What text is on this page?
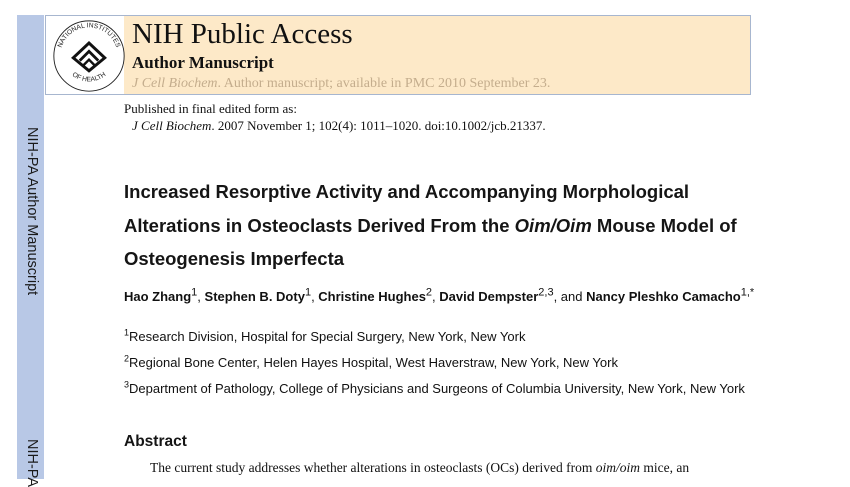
NIH-PA Author Manuscript
NIH-PA
NATIONAL INSTITUTES
OF HEALTH
NIH Public Access
Author Manuscript
J Cell Biochem. Author manuscript; available in PMC 2010 September 23.
Published in final edited form as:
J Cell Biochem. 2007 November 1; 102(4): 1011–1020. doi:10.1002/jcb.21337.
Increased Resorptive Activity and Accompanying Morphological Alterations in Osteoclasts Derived From the Oim/Oim Mouse Model of Osteogenesis Imperfecta
Hao Zhang$^1$, Stephen B. Doty$^1$, Christine Hughes$^2$, David Dempster$^{2,3}$, and Nancy Pleshko Camacho$^{1,*}$
$^1$Research Division, Hospital for Special Surgery, New York, New York
$^2$Regional Bone Center, Helen Hayes Hospital, West Haverstraw, New York, New York
$^3$Department of Pathology, College of Physicians and Surgeons of Columbia University, New York, New York
Abstract
The current study addresses whether alterations in osteoclasts (OCs) derived from oim/oim mice, an
